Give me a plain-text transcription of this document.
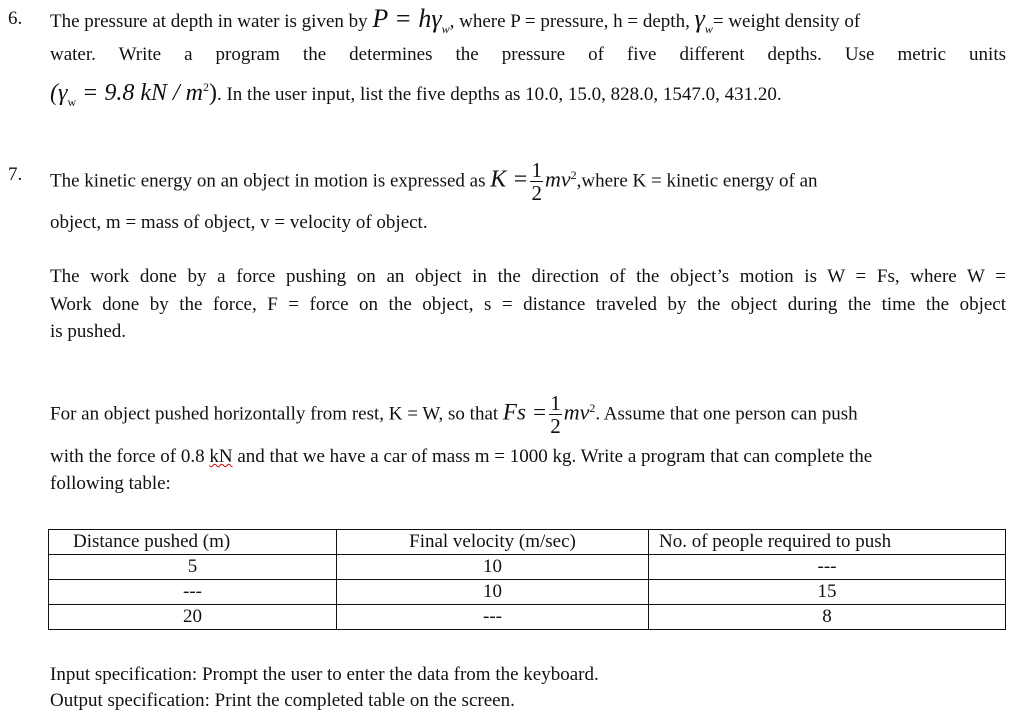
6. The pressure at depth in water is given by $P = h\gamma_w$, where P = pressure, h = depth, $\gamma_w=$ weight density of
water. Write a program the determines the pressure of five different depths. Use metric units
($\gamma_w = 9.8$ kN / $m^2$). In the user input, list the five depths as 10.0, 15.0, 828.0, 1547.0, 431.20.
7. The kinetic energy on an object in motion is expressed as $K = \frac{1}{2}$ $mv^2,where$ K = kinetic energy of an
object, m = mass of object, v = velocity of object.
The work done by a force pushing on an object in the direction of the object’s motion is W = Fs, where W =
Work done by the force, F = force on the object, s = distance traveled by the object during the time the object
is pushed.
For an object pushed horizontally from rest, K = W, so that $Fs = \frac{1}{2} mv^2$. Assume that one person can push
with the force of 0.8 kN and that we have a car of mass m = 1000 kg. Write a program that can complete the
following table:
Distance pushed (m)	Final velocity (m/sec)	No. of people required to push
5	10	---
---	10	15
20	---	8
Input specification: Prompt the user to enter the data from the keyboard.
Output specification: Print the completed table on the screen.
